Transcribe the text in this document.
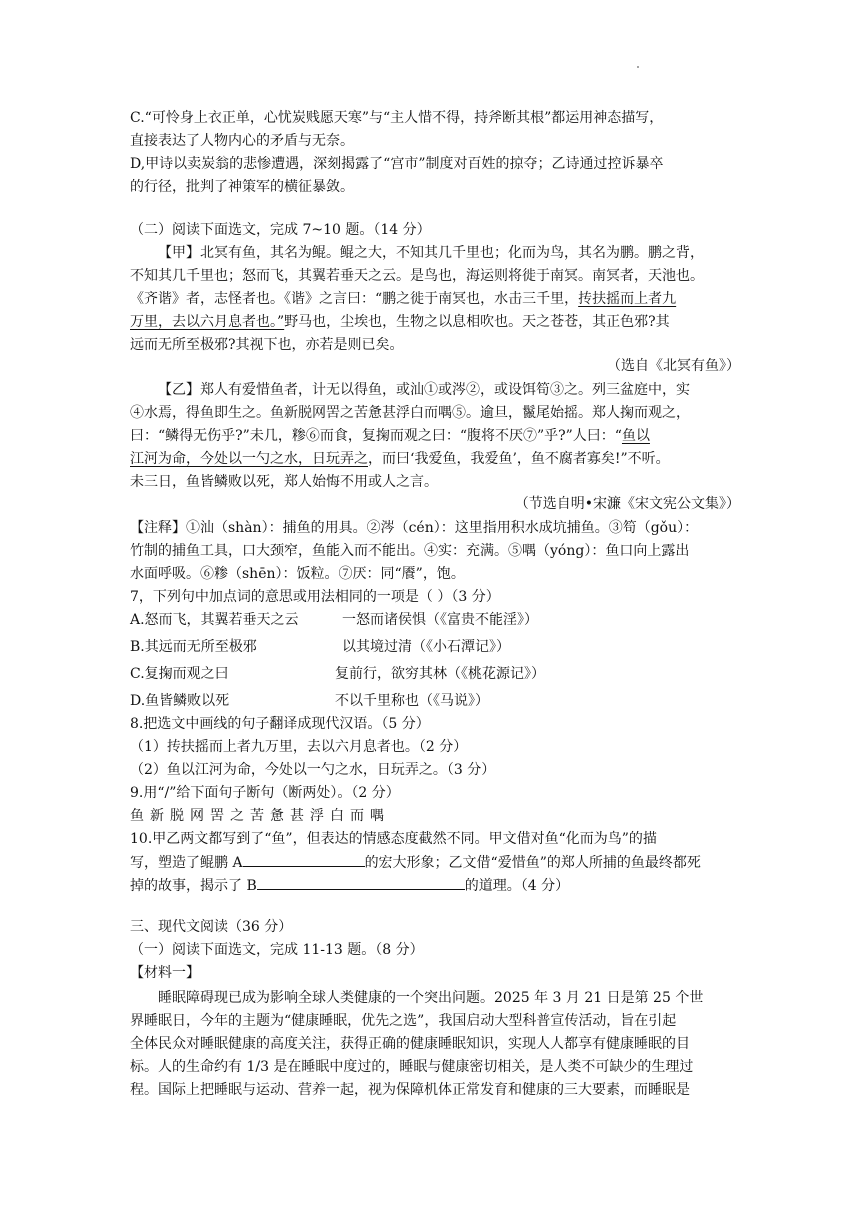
C.“可怜身上衣正单，心忧炭贱愿天寒”与“主人惜不得，持斧断其根”都运用神态描写，
直接表达了人物内心的矛盾与无奈。
D,甲诗以卖炭翁的悲惨遭遇，深刻揭露了“宫市”制度对百姓的掠夺；乙诗通过控诉暴卒
的行径，批判了神策军的横征暴敛。
（二）阅读下面选文，完成 7~10 题。（14 分）
【甲】北冥有鱼，其名为鲲。鲲之大，不知其几千里也；化而为鸟，其名为鹏。鹏之背，
不知其几千里也；怒而飞，其翼若垂天之云。是鸟也，海运则将徙于南冥。南冥者，天池也。
《齐谐》者，志怪者也。《谐》之言曰：“鹏之徙于南冥也，水击三千里，抟扶摇而上者九
万里，去以六月息者也。”野马也，尘埃也，生物之以息相吹也。天之苍苍，其正色邪?其
远而无所至极邪?其视下也，亦若是则已矣。
（选自《北冥有鱼》）
【乙】郑人有爱惜鱼者，计无以得鱼，或汕①或涔②，或设饵笱③之。列三盆庭中，实
④水焉，得鱼即生之。鱼新脱网罟之苦惫甚浮白而喁⑤。逾旦，鬣尾始摇。郑人掬而观之，
曰：“鳞得无伤乎?”未几，糁⑥而食，复掬而观之曰：“腹将不厌⑦”乎?”人曰：“鱼以
江河为命，今处以一勺之水，日玩弄之，而曰‘我爱鱼，我爱鱼’，鱼不腐者寡矣!”不听。
未三日，鱼皆鳞败以死，郑人始悔不用或人之言。
（节选自明•宋濂《宋文宪公文集》）
【注释】①汕（shàn）：捕鱼的用具。②涔（cén）：这里指用积水成坑捕鱼。③笱（gǒu）：
竹制的捕鱼工具，口大颈窄，鱼能入而不能出。④实：充满。⑤喁（yóng）：鱼口向上露出
水面呼吸。⑥糁（shēn）：饭粒。⑦厌：同“餍”，饱。
7，下列句中加点词的意思或用法相同的一项是（ ）（3 分）
A.怒而飞，其翼若垂天之云	一怒而诸侯惧（《富贵不能淫》）
B.其远而无所至极邪	以其境过清（《小石潭记》）
C.复掬而观之曰	复前行，欲穷其林（《桃花源记》）
D.鱼皆鳞败以死	不以千里称也（《马说》）
8.把选文中画线的句子翻译成现代汉语。（5 分）
（1）抟扶摇而上者九万里，去以六月息者也。（2 分）
（2）鱼以江河为命，今处以一勺之水，日玩弄之。（3 分）
9.用“/”给下面句子断句（断两处）。（2 分）
鱼新脱网罟之苦惫甚浮白而喁
10.甲乙两文都写到了“鱼”，但表达的情感态度截然不同。甲文借对鱼“化而为鸟”的描
写，塑造了鲲鹏 A	的宏大形象；乙文借“爱惜鱼”的郑人所捕的鱼最终都死
掉的故事，揭示了 B	的道理。（4 分）
三、现代文阅读（36 分）
（一）阅读下面选文，完成 11-13 题。（8 分）
【材料一】
睡眠障碍现已成为影响全球人类健康的一个突出问题。2025 年 3 月 21 日是第 25 个世
界睡眠日，今年的主题为“健康睡眠，优先之选”，我国启动大型科普宣传活动，旨在引起
全体民众对睡眠健康的高度关注，获得正确的健康睡眠知识，实现人人都享有健康睡眠的目
标。人的生命约有 1/3 是在睡眠中度过的，睡眠与健康密切相关，是人类不可缺少的生理过
程。国际上把睡眠与运动、营养一起，视为保障机体正常发育和健康的三大要素，而睡眠是
